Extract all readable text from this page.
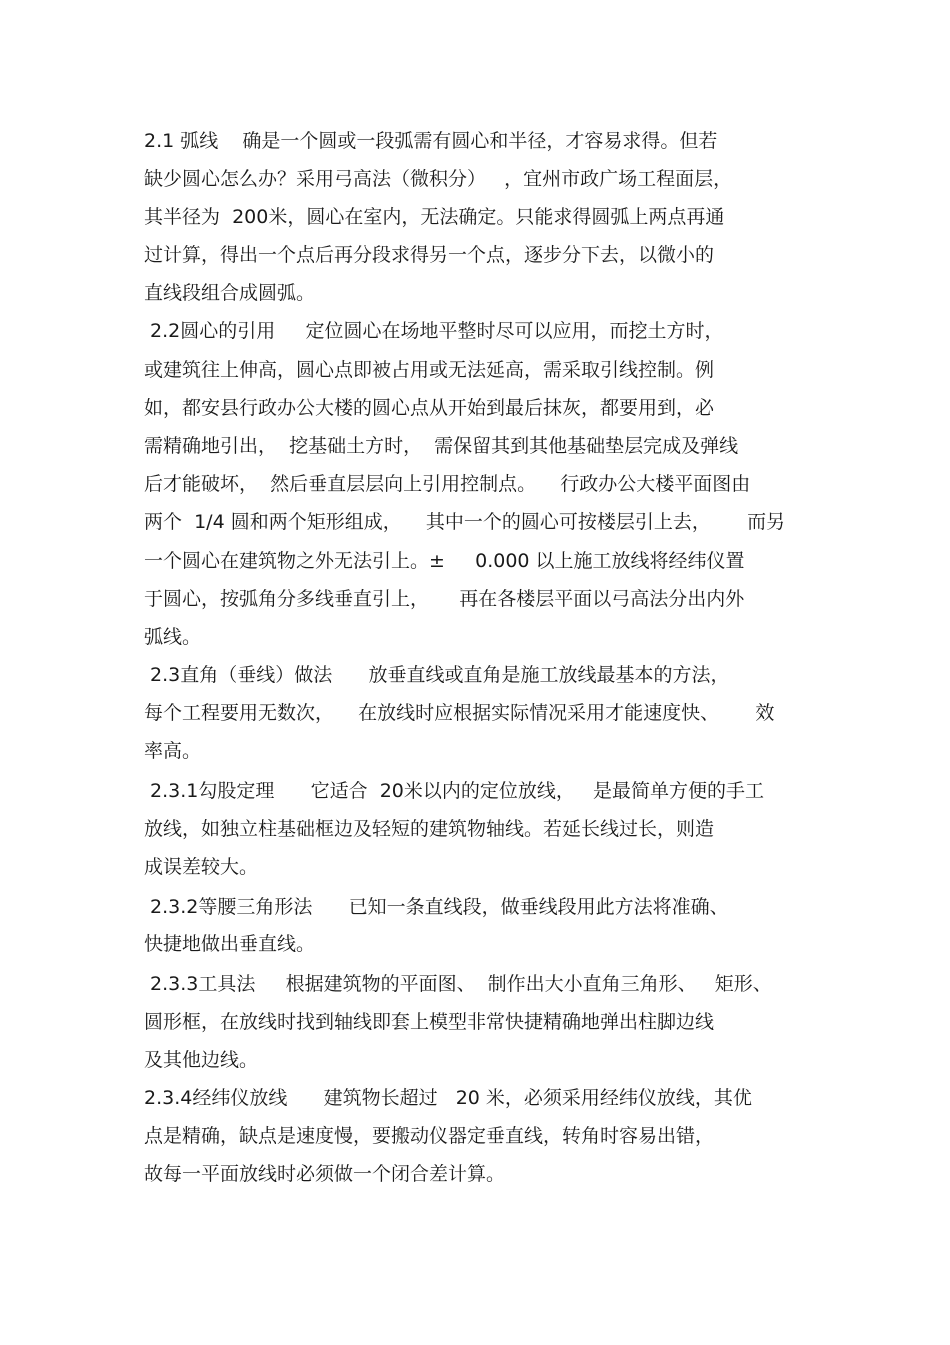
2.1 弧线    确是一个圆或一段弧需有圆心和半径，才容易求得。但若
缺少圆心怎么办？采用弓高法（微积分）   ，宜州市政广场工程面层，
其半径为  200米，圆心在室内，无法确定。只能求得圆弧上两点再通
过计算，得出一个点后再分段求得另一个点，逐步分下去，以微小的
直线段组合成圆弧。
2.2圆心的引用     定位圆心在场地平整时尽可以应用，而挖土方时，
或建筑往上伸高，圆心点即被占用或无法延高，需采取引线控制。例
如，都安县行政办公大楼的圆心点从开始到最后抹灰，都要用到，必
需精确地引出，  挖基础土方时，  需保留其到其他基础垫层完成及弹线
后才能破坏，  然后垂直层层向上引用控制点。    行政办公大楼平面图由
两个  1/4 圆和两个矩形组成，    其中一个的圆心可按楼层引上去，      而另
一个圆心在建筑物之外无法引上。±     0.000 以上施工放线将经纬仪置
于圆心，按弧角分多线垂直引上，     再在各楼层平面以弓高法分出内外
弧线。
2.3直角（垂线）做法      放垂直线或直角是施工放线最基本的方法，
每个工程要用无数次，    在放线时应根据实际情况采用才能速度快、      效
率高。
2.3.1勾股定理      它适合  20米以内的定位放线，   是最简单方便的手工
放线，如独立柱基础框边及轻短的建筑物轴线。若延长线过长，则造
成误差较大。
2.3.2等腰三角形法      已知一条直线段，做垂线段用此方法将准确、
快捷地做出垂直线。
2.3.3工具法     根据建筑物的平面图、  制作出大小直角三角形、   矩形、
圆形框，在放线时找到轴线即套上模型非常快捷精确地弹出柱脚边线
及其他边线。
2.3.4经纬仪放线      建筑物长超过   20 米，必须采用经纬仪放线，其优
点是精确，缺点是速度慢，要搬动仪器定垂直线，转角时容易出错，
故每一平面放线时必须做一个闭合差计算。
